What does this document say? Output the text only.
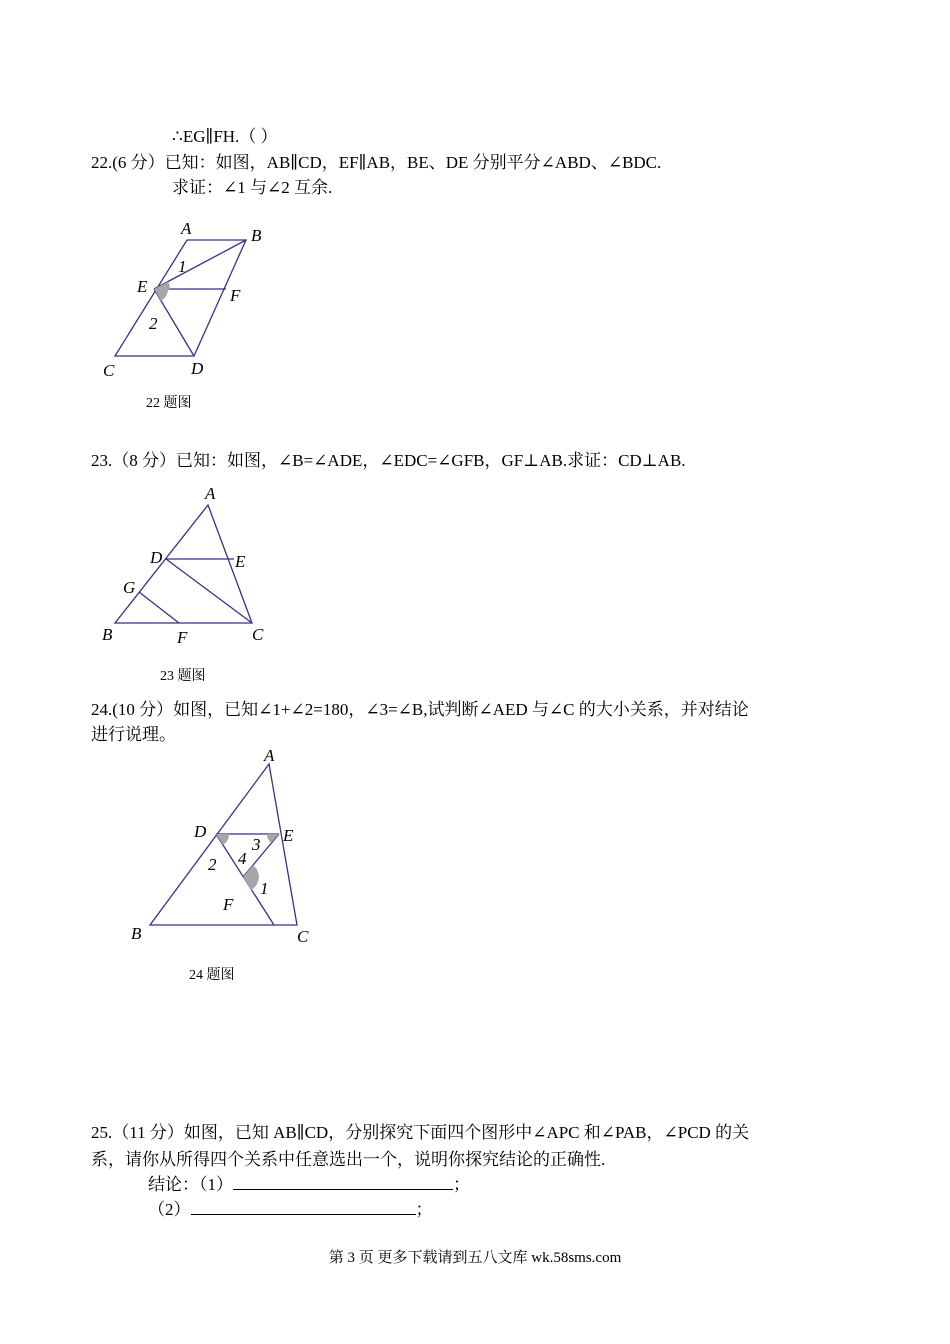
∴EG∥FH.（ ）
22.(6 分）已知：如图，AB∥CD，EF∥AB，BE、DE 分别平分∠ABD、∠BDC.
求证：∠1 与∠2 互余.
A	B
E	F
1
2
C	D
22 题图
23.（8 分）已知：如图，∠B=∠ADE，∠EDC=∠GFB，GF⊥AB.求证：CD⊥AB.
A
D	E
G
B	F	C
23 题图
24.(10 分）如图，已知∠1+∠2=180，∠3=∠B,试判断∠AED 与∠C 的大小关系，并对结论
进行说理。
A
D	E
3
4
2
1
F
B	C
24 题图
25.（11 分）如图，已知 AB∥CD，分别探究下面四个图形中∠APC 和∠PAB，∠PCD 的关
系，请你从所得四个关系中任意选出一个，说明你探究结论的正确性.
结论：（1）	；
（2）	；
第 3 页 更多下载请到五八文库 wk.58sms.com
